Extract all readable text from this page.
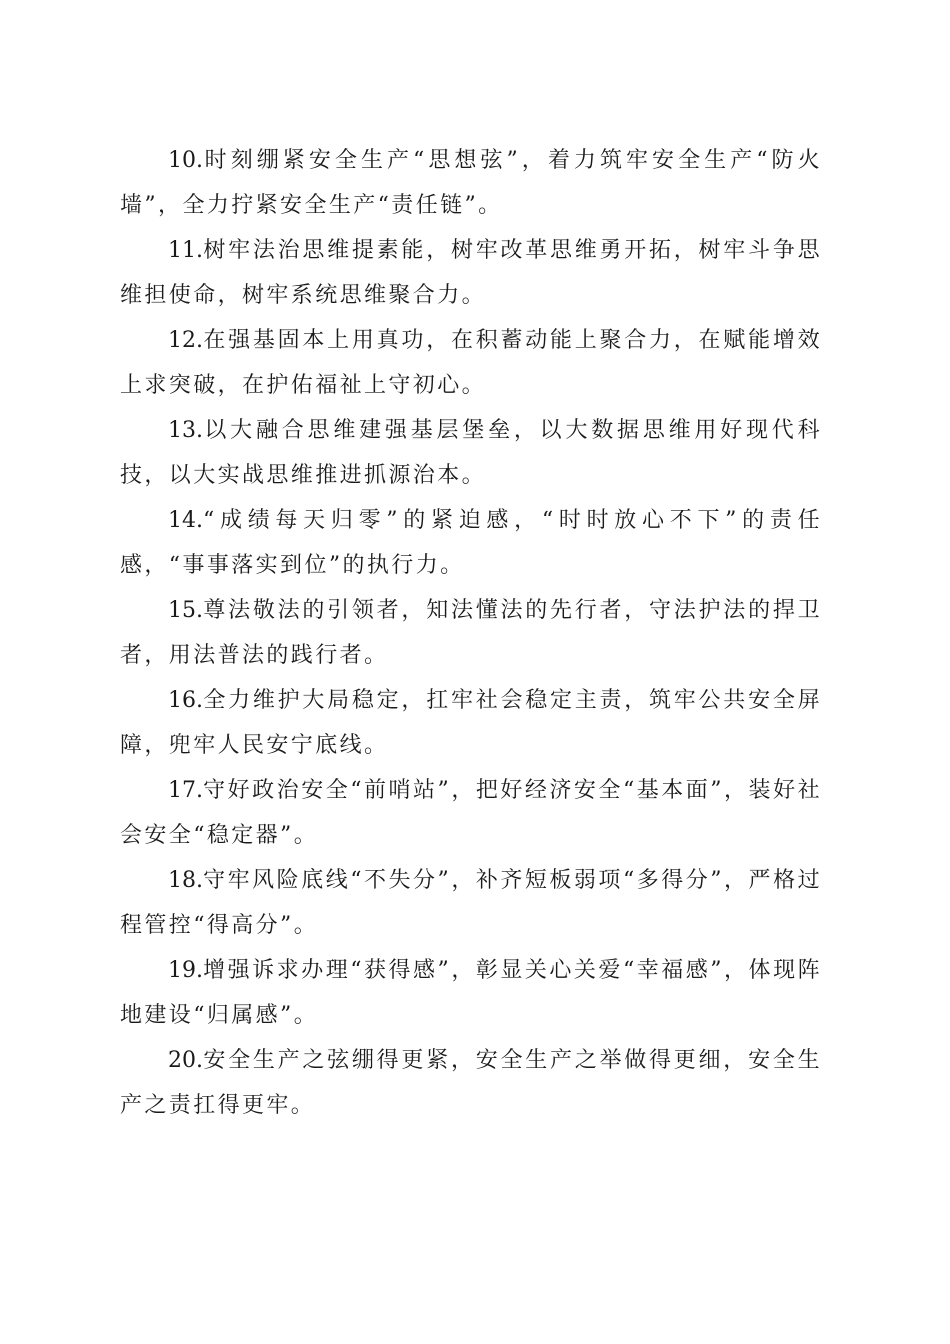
10.时刻绷紧安全生产“思想弦”，着力筑牢安全生产“防火墙”，全力拧紧安全生产“责任链”。

11.树牢法治思维提素能，树牢改革思维勇开拓，树牢斗争思维担使命，树牢系统思维聚合力。

12.在强基固本上用真功，在积蓄动能上聚合力，在赋能增效上求突破，在护佑福祉上守初心。

13.以大融合思维建强基层堡垒，以大数据思维用好现代科技，以大实战思维推进抓源治本。

14.“成绩每天归零”的紧迫感，“时时放心不下”的责任感，“事事落实到位”的执行力。

15.尊法敬法的引领者，知法懂法的先行者，守法护法的捍卫者，用法普法的践行者。

16.全力维护大局稳定，扛牢社会稳定主责，筑牢公共安全屏障，兜牢人民安宁底线。

17.守好政治安全“前哨站”，把好经济安全“基本面”，装好社会安全“稳定器”。

18.守牢风险底线“不失分”，补齐短板弱项“多得分”，严格过程管控“得高分”。

19.增强诉求办理“获得感”，彰显关心关爱“幸福感”，体现阵地建设“归属感”。

20.安全生产之弦绷得更紧，安全生产之举做得更细，安全生产之责扛得更牢。
